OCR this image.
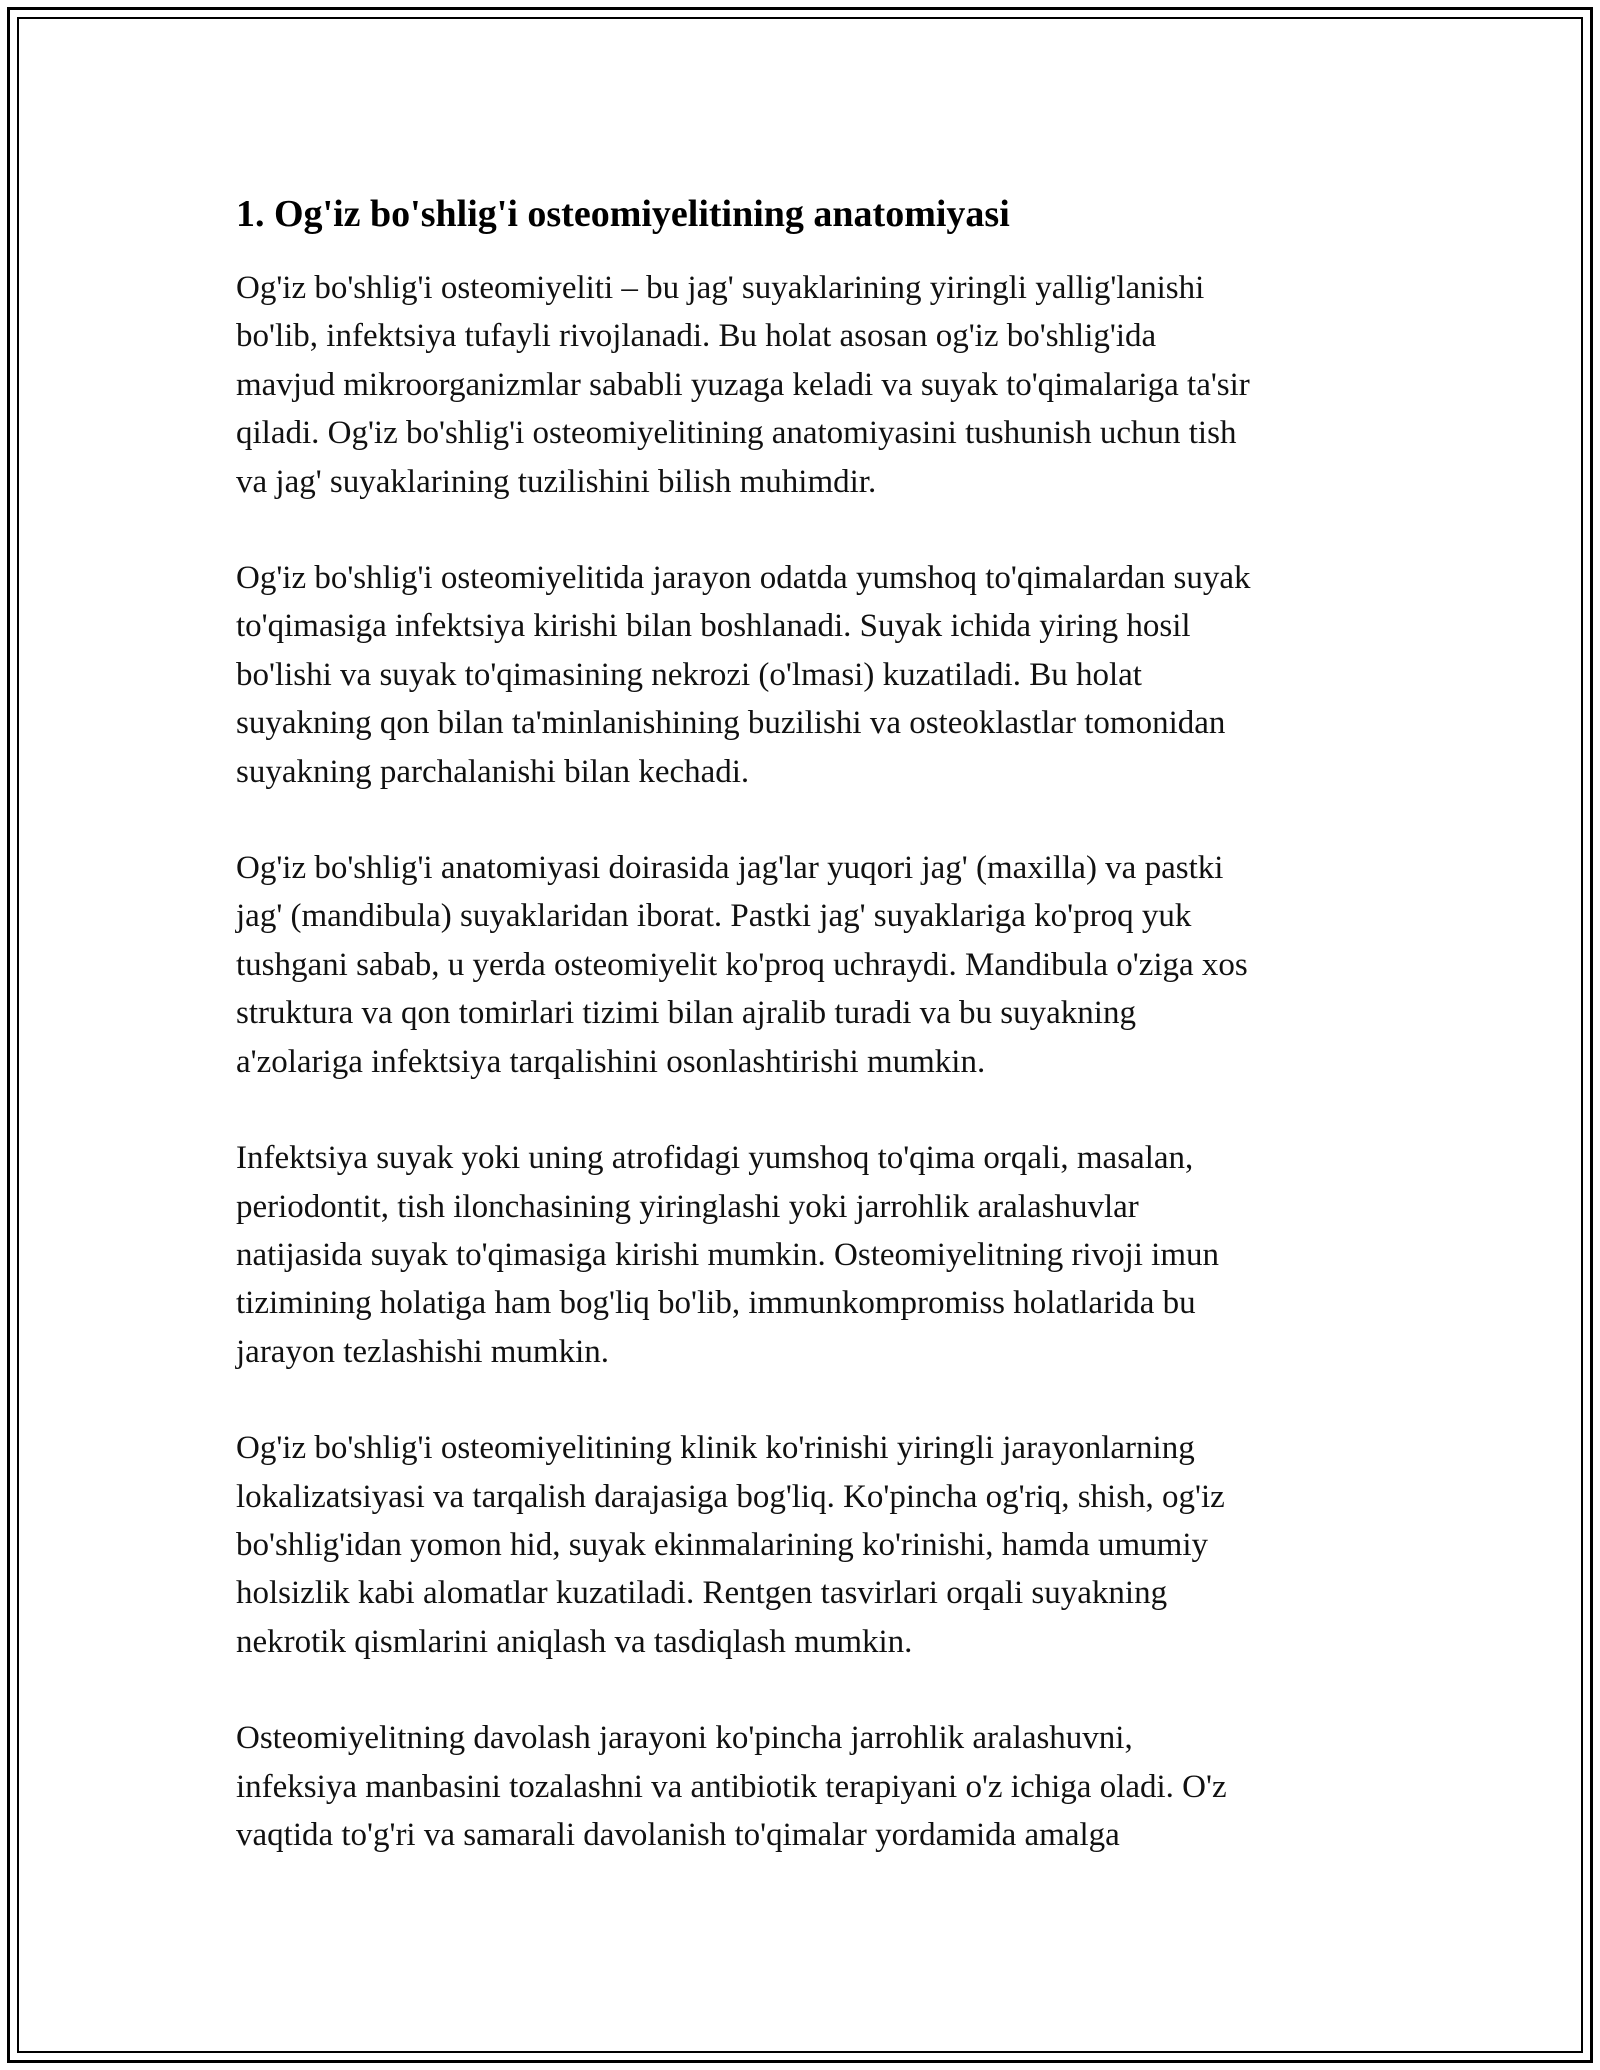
1. Og'iz bo'shlig'i osteomiyelitining anatomiyasi

Og'iz bo'shlig'i osteomiyeliti – bu jag' suyaklarining yiringli yallig'lanishi
bo'lib, infektsiya tufayli rivojlanadi. Bu holat asosan og'iz bo'shlig'ida
mavjud mikroorganizmlar sababli yuzaga keladi va suyak to'qimalariga ta'sir
qiladi. Og'iz bo'shlig'i osteomiyelitining anatomiyasini tushunish uchun tish
va jag' suyaklarining tuzilishini bilish muhimdir.

Og'iz bo'shlig'i osteomiyelitida jarayon odatda yumshoq to'qimalardan suyak
to'qimasiga infektsiya kirishi bilan boshlanadi. Suyak ichida yiring hosil
bo'lishi va suyak to'qimasining nekrozi (o'lmasi) kuzatiladi. Bu holat
suyakning qon bilan ta'minlanishining buzilishi va osteoklastlar tomonidan
suyakning parchalanishi bilan kechadi.

Og'iz bo'shlig'i anatomiyasi doirasida jag'lar yuqori jag' (maxilla) va pastki
jag' (mandibula) suyaklaridan iborat. Pastki jag' suyaklariga ko'proq yuk
tushgani sabab, u yerda osteomiyelit ko'proq uchraydi. Mandibula o'ziga xos
struktura va qon tomirlari tizimi bilan ajralib turadi va bu suyakning
a'zolariga infektsiya tarqalishini osonlashtirishi mumkin.

Infektsiya suyak yoki uning atrofidagi yumshoq to'qima orqali, masalan,
periodontit, tish ilonchasining yiringlashi yoki jarrohlik aralashuvlar
natijasida suyak to'qimasiga kirishi mumkin. Osteomiyelitning rivoji imun
tizimining holatiga ham bog'liq bo'lib, immunkompromiss holatlarida bu
jarayon tezlashishi mumkin.

Og'iz bo'shlig'i osteomiyelitining klinik ko'rinishi yiringli jarayonlarning
lokalizatsiyasi va tarqalish darajasiga bog'liq. Ko'pincha og'riq, shish, og'iz
bo'shlig'idan yomon hid, suyak ekinmalarining ko'rinishi, hamda umumiy
holsizlik kabi alomatlar kuzatiladi. Rentgen tasvirlari orqali suyakning
nekrotik qismlarini aniqlash va tasdiqlash mumkin.

Osteomiyelitning davolash jarayoni ko'pincha jarrohlik aralashuvni,
infeksiya manbasini tozalashni va antibiotik terapiyani o'z ichiga oladi. O'z
vaqtida to'g'ri va samarali davolanish to'qimalar yordamida amalga
